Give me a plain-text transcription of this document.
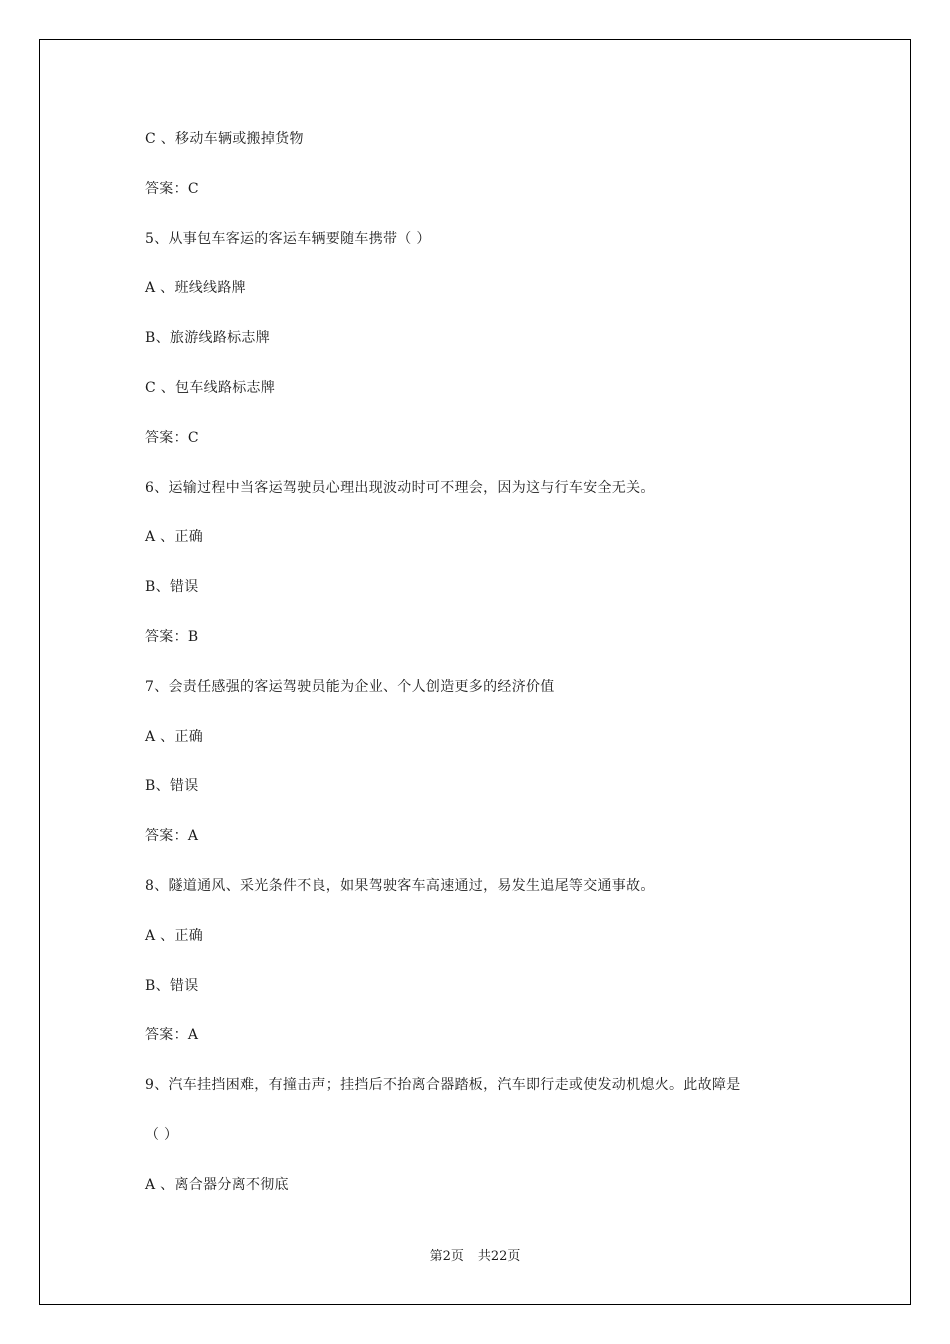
C 、移动车辆或搬掉货物
答案：C
5、从事包车客运的客运车辆要随车携带（ ）
A 、班线线路牌
B、旅游线路标志牌
C 、包车线路标志牌
答案：C
6、运输过程中当客运驾驶员心理出现波动时可不理会，因为这与行车安全无关。
A 、正确
B、错误
答案：B
7、会责任感强的客运驾驶员能为企业、个人创造更多的经济价值
A 、正确
B、错误
答案：A
8、隧道通风、采光条件不良，如果驾驶客车高速通过，易发生追尾等交通事故。
A 、正确
B、错误
答案：A
9、汽车挂挡困难，有撞击声；挂挡后不抬离合器踏板，汽车即行走或使发动机熄火。此故障是
（ ）
A 、离合器分离不彻底
第2页 共22页
